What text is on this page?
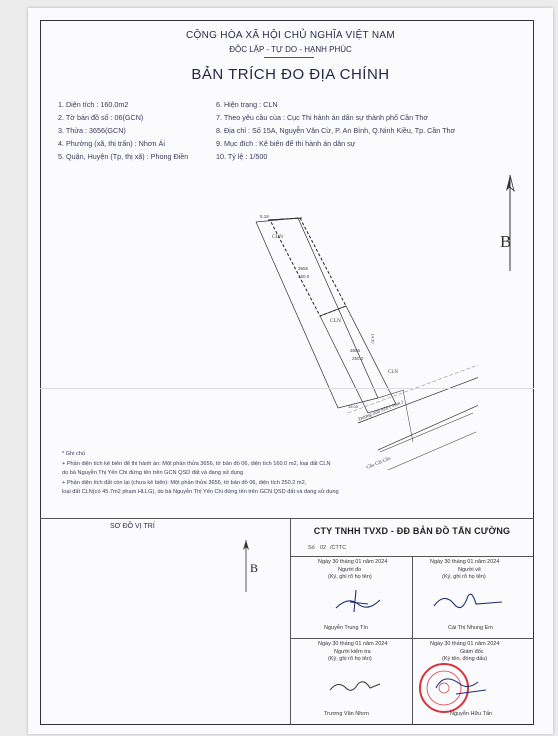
CỘNG HÒA XÃ HỘI CHỦ NGHĨA VIỆT NAM
ĐỘC LẬP - TỰ DO - HẠNH PHÚC
BẢN TRÍCH ĐO ĐỊA CHÍNH
1. Diện tích : 160.0m2
2. Tờ bản đồ số : 06(GCN)
3. Thửa : 3656(GCN)
4. Phường (xã, thị trấn) : Nhơn Ái
5. Quận, Huyện (Tp, thị xã) : Phong Điền
6. Hiện trạng : CLN
7. Theo yêu cầu của : Cục Thi hành án dân sự thành phố Cần Thơ
8. Địa chỉ : Số 15A, Nguyễn Văn Cừ, P. An Bình, Q.Ninh Kiều, Tp. Cần Thơ
9. Mục đích : Kê biên để thi hành án dân sự
10. Tỷ lệ : 1/500
B
5.18
CLN
3656
160.0
CLN
3656
250.2
14.30
CLN
15.00 Đường tỉnh 926 ( 16m )
Cầu Cái Cầu
* Ghi chú
+ Phần diện tích kê biên để thi hành án: Một phần thửa 3656, tờ bản đồ 06, diện tích 160.0 m2, loại đất CLN
do bà Nguyễn Thị Yến Chi đứng tên trên GCN QSD đất và đang sử dụng
+ Phần diện tích đất còn lại (chưa kê biên): Một phần thửa 3656, tờ bản đồ 06, diện tích 250.2 m2,
loại đất CLN(có 45.7m2 phạm HLLG), do bà Nguyễn Thị Yến Chi đứng tên trên GCN QSD đất và đang sử dụng
SƠ ĐỒ VỊ TRÍ
B
CTY TNHH TVXD - ĐĐ BẢN ĐỒ TẤN CƯỜNG
Số 02 /CTTC
Ngày 30 tháng 01 năm 2024
Người đo
(Ký, ghi rõ họ tên)
Nguyễn Trung Tín
Ngày 30 tháng 01 năm 2024
Người vẽ
(Ký, ghi rõ họ tên)
Cái Thị Nhung Em
Ngày 30 tháng 01 năm 2024
Người kiểm tra
(Ký, ghi rõ họ tên)
Trương Văn Nhơn
Ngày 30 tháng 01 năm 2024
Giám đốc
(Ký tên, đóng dấu)
Nguyễn Hữu Tấn
